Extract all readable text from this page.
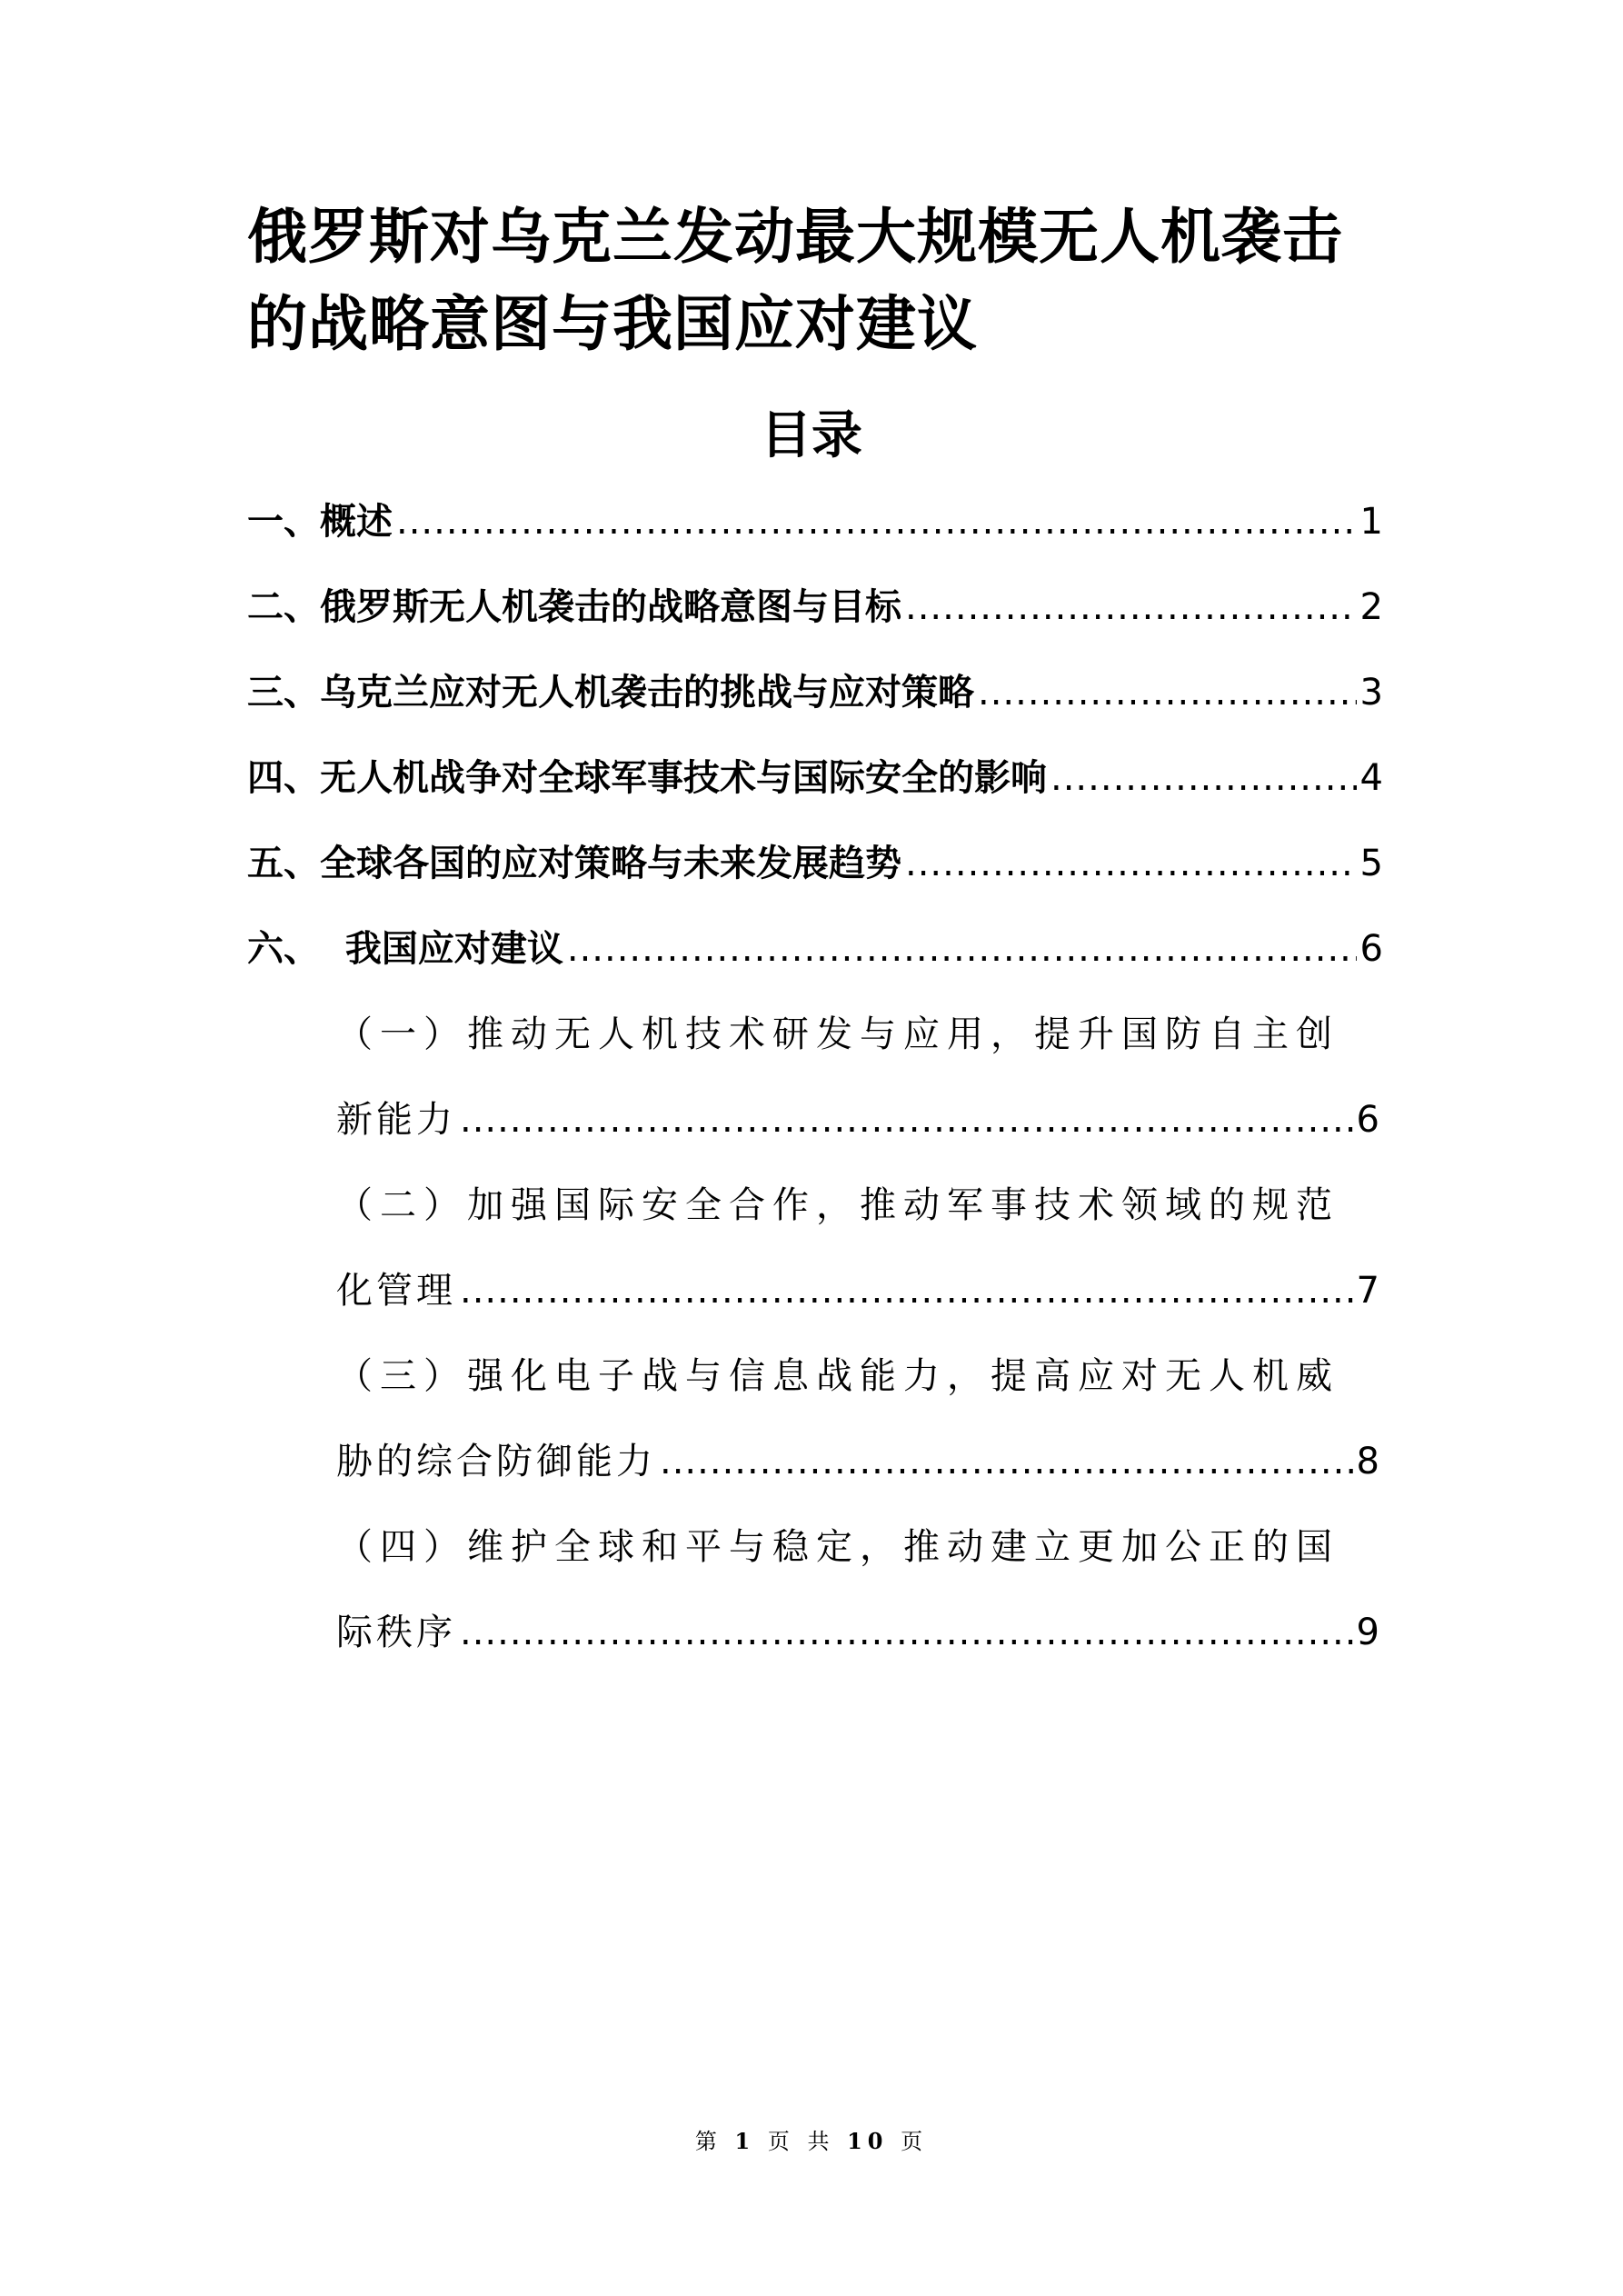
俄罗斯对乌克兰发动最大规模无人机袭击
的战略意图与我国应对建议
目录
一、概述 .....	1
二、俄罗斯无人机袭击的战略意图与目标 .....	2
三、乌克兰应对无人机袭击的挑战与应对策略 .....	3
四、无人机战争对全球军事技术与国际安全的影响 .....	4
五、全球各国的应对策略与未来发展趋势 .....	5
六、  我国应对建议 .....	6
（一）推动无人机技术研发与应用，提升国防自主创
新能力 .....	6
（二）加强国际安全合作，推动军事技术领域的规范
化管理 .....	7
（三）强化电子战与信息战能力，提高应对无人机威
胁的综合防御能力 .....	8
（四）维护全球和平与稳定，推动建立更加公正的国
际秩序 .....	9
第 1 页 共 10 页
